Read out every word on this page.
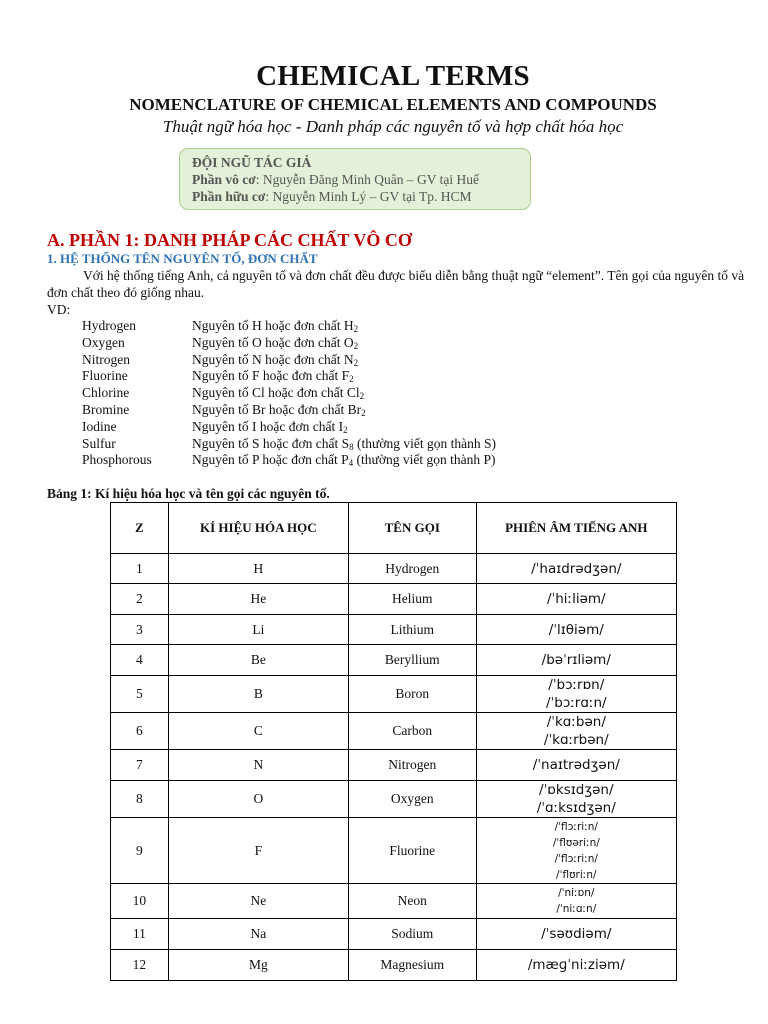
CHEMICAL TERMS
NOMENCLATURE OF CHEMICAL ELEMENTS AND COMPOUNDS
Thuật ngữ hóa học - Danh pháp các nguyên tố và hợp chất hóa học
ĐỘI NGŨ TÁC GIẢ
Phần vô cơ: Nguyễn Đăng Minh Quân – GV tại Huế
Phần hữu cơ: Nguyễn Minh Lý – GV tại Tp. HCM
A. PHẦN 1: DANH PHÁP CÁC CHẤT VÔ CƠ
1. HỆ THỐNG TÊN NGUYÊN TỐ, ĐƠN CHẤT
Với hệ thống tiếng Anh, cả nguyên tố và đơn chất đều được biểu diễn bằng thuật ngữ “element”. Tên gọi của nguyên tố và đơn chất theo đó giống nhau.
VD:
Hydrogen	Nguyên tố H hoặc đơn chất $H_2$
Oxygen	Nguyên tố O hoặc đơn chất $O_2$
Nitrogen	Nguyên tố N hoặc đơn chất $N_2$
Fluorine	Nguyên tố F hoặc đơn chất $F_2$
Chlorine	Nguyên tố Cl hoặc đơn chất $Cl_2$
Bromine	Nguyên tố Br hoặc đơn chất $Br_2$
Iodine	Nguyên tố I hoặc đơn chất $I_2$
Sulfur	Nguyên tố S hoặc đơn chất $S_8$ (thường viết gọn thành S)
Phosphorous	Nguyên tố P hoặc đơn chất $P_4$ (thường viết gọn thành P)
Bảng 1: Kí hiệu hóa học và tên gọi các nguyên tố.
Z	KÍ HIỆU HÓA HỌC	TÊN GỌI	PHIÊN ÂM TIẾNG ANH
1	H	Hydrogen	/ˈhaɪdrədʒən/

2	He	Helium	/ˈhiːliəm/

3	Li	Lithium	/ˈlɪθiəm/

4	Be	Beryllium	/bəˈrɪliəm/

5	B	Boron	/ˈbɔːrɒn/
/ˈbɔːrɑːn/

6	C	Carbon	/ˈkɑːbən/
/ˈkɑːrbən/

7	N	Nitrogen	/ˈnaɪtrədʒən/

8	O	Oxygen	/ˈɒksɪdʒən/
/ˈɑːksɪdʒən/

9	F	Fluorine	/ˈflɔːriːn/
/ˈflʊəriːn/
/ˈflɔːriːn/
/ˈflʊriːn/

10	Ne	Neon	/ˈniːɒn/
/ˈniːɑːn/

11	Na	Sodium	/ˈsəʊdiəm/

12	Mg	Magnesium	/mæɡˈniːziəm/
